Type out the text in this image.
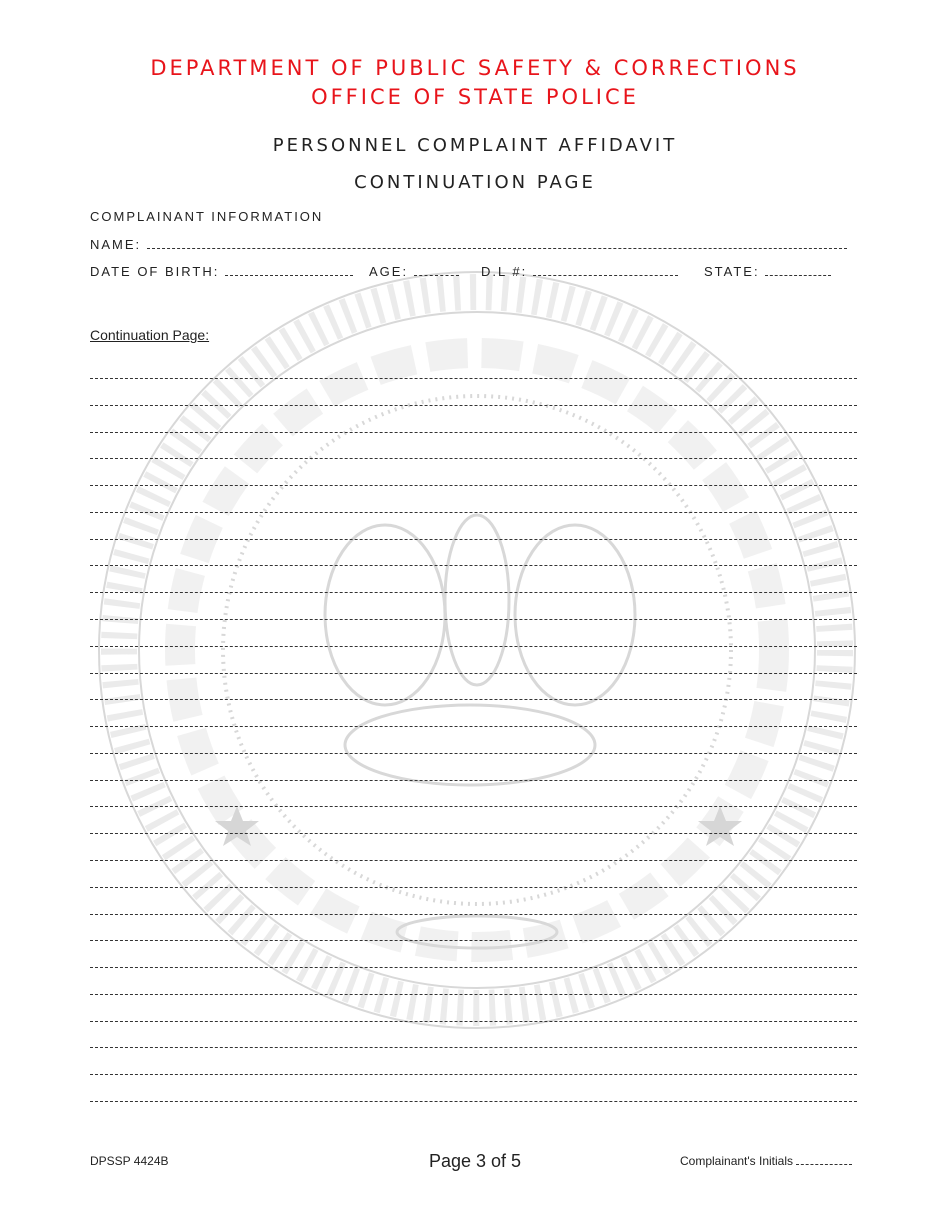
DEPARTMENT OF PUBLIC SAFETY & CORRECTIONS
OFFICE OF STATE POLICE
PERSONNEL COMPLAINT AFFIDAVIT
CONTINUATION PAGE
COMPLAINANT INFORMATION
NAME:
DATE OF BIRTH:	AGE:	D.L #:	STATE:
Continuation Page:
DPSSP 4424B	Page 3 of 5	Complainant's Initials
